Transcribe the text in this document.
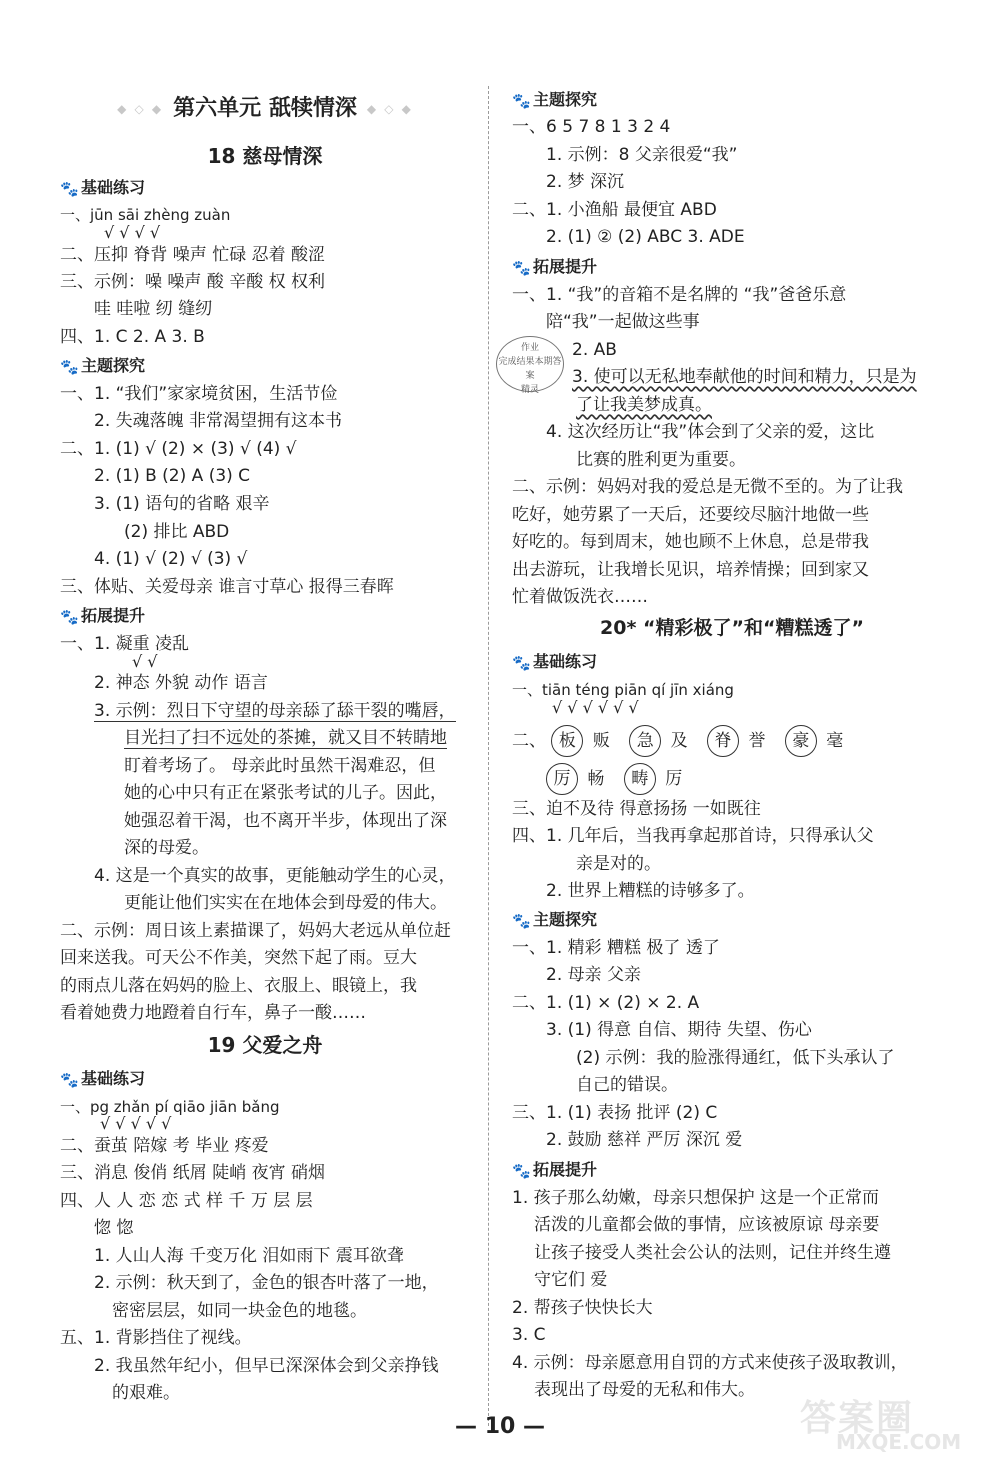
◆ ◇ ◆ 第六单元 舐犊情深 ◆ ◇ ◆
18 慈母情深
🐾 基础练习
一、jūn sāi zhèng zuàn
√ √ √ √
二、压抑 脊背 噪声 忙碌 忍着 酸涩
三、示例：噪 噪声 酸 辛酸 权 权利
哇 哇啦 纫 缝纫
四、1. C 2. A 3. B
🐾 主题探究
一、1. “我们”家家境贫困，生活节俭
2. 失魂落魄 非常渴望拥有这本书
二、1. (1) √ (2) × (3) √ (4) √
2. (1) B (2) A (3) C
3. (1) 语句的省略 艰辛
(2) 排比 ABD
4. (1) √ (2) √ (3) √
三、体贴、关爱母亲 谁言寸草心 报得三春晖
🐾 拓展提升
一、1. 凝重 凌乱
√ √
2. 神态 外貌 动作 语言
3. 示例：烈日下守望的母亲舔了舔干裂的嘴唇，
目光扫了扫不远处的茶摊，就又目不转睛地
盯着考场了。 母亲此时虽然干渴难忍，但
她的心中只有正在紧张考试的儿子。因此，
她强忍着干渴，也不离开半步，体现出了深
深的母爱。
4. 这是一个真实的故事，更能触动学生的心灵，
更能让他们实实在在地体会到母爱的伟大。
二、示例：周日该上素描课了，妈妈大老远从单位赶
回来送我。可天公不作美，突然下起了雨。豆大
的雨点儿落在妈妈的脸上、衣服上、眼镜上，我
看着她费力地蹬着自行车，鼻子一酸……
19 父爱之舟
🐾 基础练习
一、pg zhǎn pí qiāo jiān bǎng
√ √ √ √ √
二、蚕茧 陪嫁 考 毕业 疼爱
三、消息 俊俏 纸屑 陡峭 夜宵 硝烟
四、人 人 恋 恋 式 样 千 万 层 层
惚 惚
1. 人山人海 千变万化 泪如雨下 震耳欲聋
2. 示例：秋天到了，金色的银杏叶落了一地，
密密层层，如同一块金色的地毯。
五、1. 背影挡住了视线。
2. 我虽然年纪小，但早已深深体会到父亲挣钱
的艰难。
作业
完成结果本期答案
精灵
🐾 主题探究
一、6 5 7 8 1 3 2 4
1. 示例：8 父亲很爱“我”
2. 梦 深沉
二、1. 小渔船 最便宜 ABD
2. (1) ② (2) ABC 3. ADE
🐾 拓展提升
一、1. “我”的音箱不是名牌的 “我”爸爸乐意
陪“我”一起做这些事
2. AB
3. 使可以无私地奉献他的时间和精力，只是为
了让我美梦成真。
4. 这次经历让“我”体会到了父亲的爱，这比
比赛的胜利更为重要。
二、示例：妈妈对我的爱总是无微不至的。为了让我
吃好，她劳累了一天后，还要绞尽脑汁地做一些
好吃的。每到周末，她也顾不上休息，总是带我
出去游玩，让我增长见识，培养情操；回到家又
忙着做饭洗衣……
20* “精彩极了”和“糟糕透了”
🐾 基础练习
一、tiān téng piān qí jīn xiáng
√ √ √ √ √ √
二、 板 贩 急 及 脊 誉 豪 毫
厉 畅 畴 厉
三、迫不及待 得意扬扬 一如既往
四、1. 几年后，当我再拿起那首诗，只得承认父
亲是对的。
2. 世界上糟糕的诗够多了。
🐾 主题探究
一、1. 精彩 糟糕 极了 透了
2. 母亲 父亲
二、1. (1) × (2) × 2. A
3. (1) 得意 自信、期待 失望、伤心
(2) 示例：我的脸涨得通红，低下头承认了
自己的错误。
三、1. (1) 表扬 批评 (2) C
2. 鼓励 慈祥 严厉 深沉 爱
🐾 拓展提升
1. 孩子那么幼嫩，母亲只想保护 这是一个正常而
活泼的儿童都会做的事情，应该被原谅 母亲要
让孩子接受人类社会公认的法则，记住并终生遵
守它们 爱
2. 帮孩子快快长大
3. C
4. 示例：母亲愿意用自罚的方式来使孩子汲取教训，
表现出了母爱的无私和伟大。
— 10 —	答案圈
MXQE.COM
